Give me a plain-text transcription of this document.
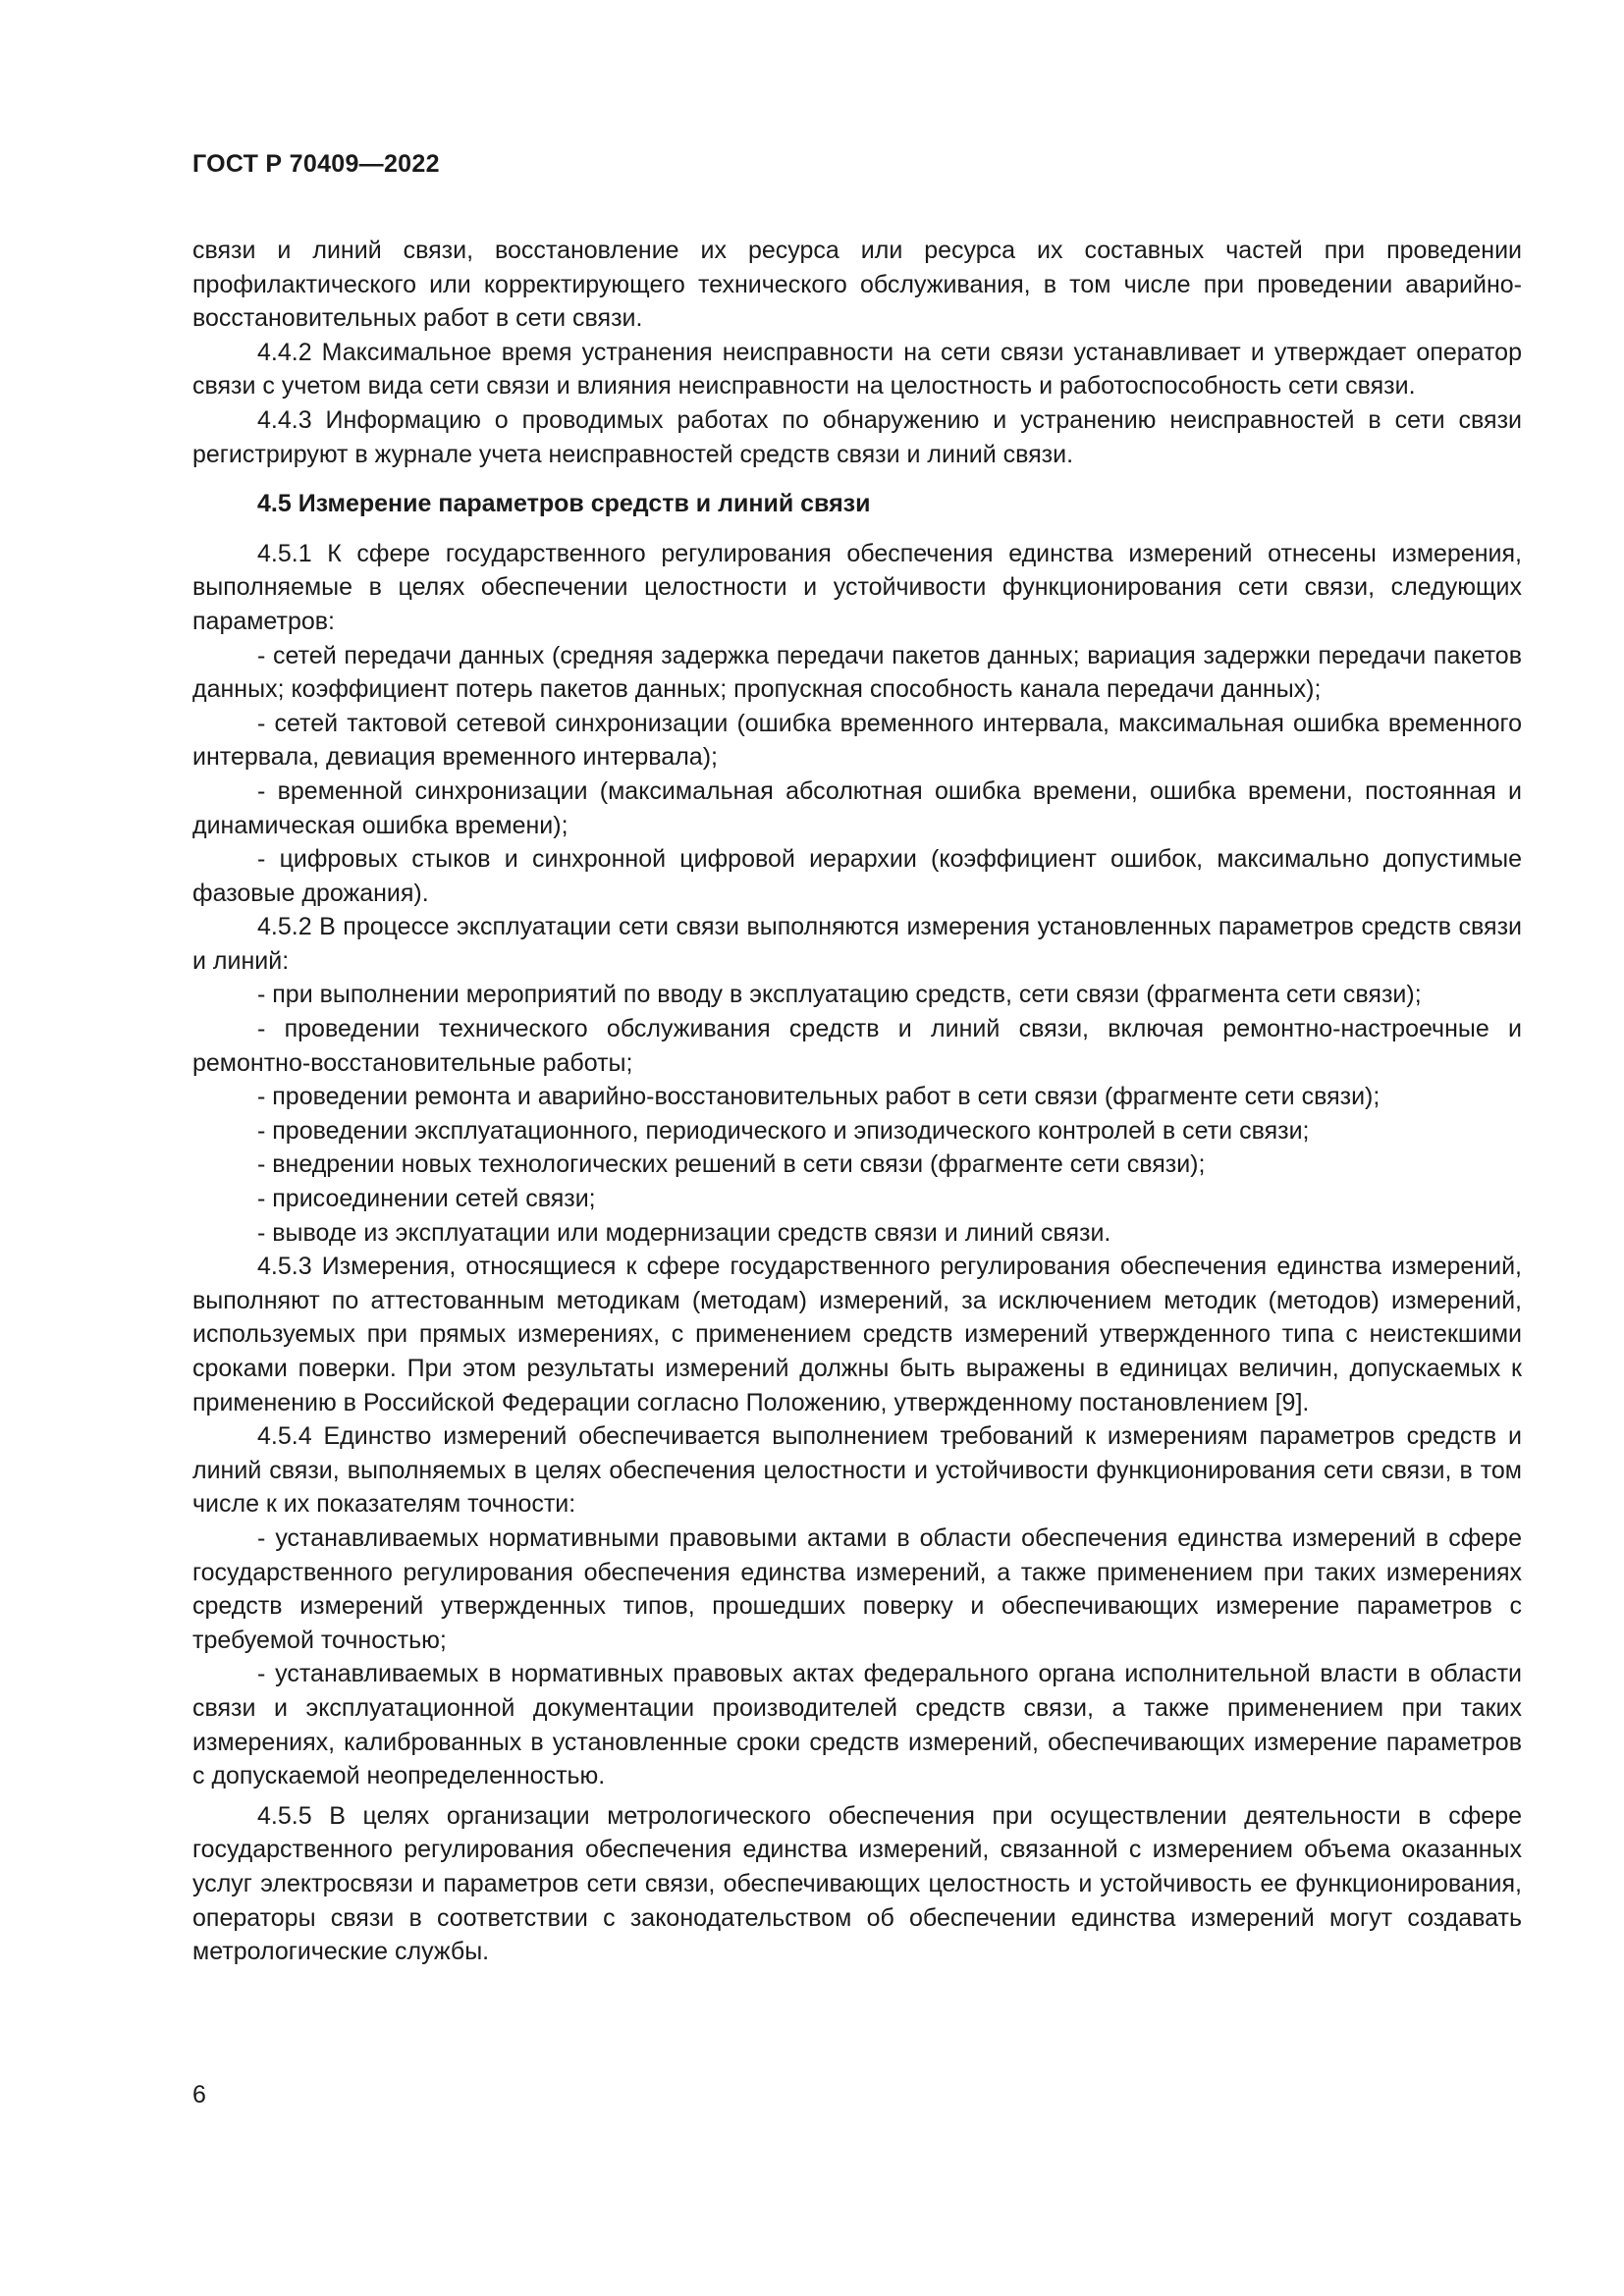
ГОСТ Р 70409—2022

связи и линий связи, восстановление их ресурса или ресурса их составных частей при проведении профилактического или корректирующего технического обслуживания, в том числе при проведении аварийно-восстановительных работ в сети связи.

4.4.2 Максимальное время устранения неисправности на сети связи устанавливает и утверждает оператор связи с учетом вида сети связи и влияния неисправности на целостность и работоспособность сети связи.

4.4.3 Информацию о проводимых работах по обнаружению и устранению неисправностей в сети связи регистрируют в журнале учета неисправностей средств связи и линий связи.

4.5 Измерение параметров средств и линий связи

4.5.1 К сфере государственного регулирования обеспечения единства измерений отнесены измерения, выполняемые в целях обеспечении целостности и устойчивости функционирования сети связи, следующих параметров:

- сетей передачи данных (средняя задержка передачи пакетов данных; вариация задержки передачи пакетов данных; коэффициент потерь пакетов данных; пропускная способность канала передачи данных);

- сетей тактовой сетевой синхронизации (ошибка временного интервала, максимальная ошибка временного интервала, девиация временного интервала);

- временной синхронизации (максимальная абсолютная ошибка времени, ошибка времени, постоянная и динамическая ошибка времени);

- цифровых стыков и синхронной цифровой иерархии (коэффициент ошибок, максимально допустимые фазовые дрожания).

4.5.2 В процессе эксплуатации сети связи выполняются измерения установленных параметров средств связи и линий:

- при выполнении мероприятий по вводу в эксплуатацию средств, сети связи (фрагмента сети связи);

- проведении технического обслуживания средств и линий связи, включая ремонтно-настроечные и ремонтно-восстановительные работы;

- проведении ремонта и аварийно-восстановительных работ в сети связи (фрагменте сети связи);

- проведении эксплуатационного, периодического и эпизодического контролей в сети связи;

- внедрении новых технологических решений в сети связи (фрагменте сети связи);

- присоединении сетей связи;

- выводе из эксплуатации или модернизации средств связи и линий связи.

4.5.3 Измерения, относящиеся к сфере государственного регулирования обеспечения единства измерений, выполняют по аттестованным методикам (методам) измерений, за исключением методик (методов) измерений, используемых при прямых измерениях, с применением средств измерений утвержденного типа с неистекшими сроками поверки. При этом результаты измерений должны быть выражены в единицах величин, допускаемых к применению в Российской Федерации согласно Положению, утвержденному постановлением [9].

4.5.4 Единство измерений обеспечивается выполнением требований к измерениям параметров средств и линий связи, выполняемых в целях обеспечения целостности и устойчивости функционирования сети связи, в том числе к их показателям точности:

- устанавливаемых нормативными правовыми актами в области обеспечения единства измерений в сфере государственного регулирования обеспечения единства измерений, а также применением при таких измерениях средств измерений утвержденных типов, прошедших поверку и обеспечивающих измерение параметров с требуемой точностью;

- устанавливаемых в нормативных правовых актах федерального органа исполнительной власти в области связи и эксплуатационной документации производителей средств связи, а также применением при таких измерениях, калиброванных в установленные сроки средств измерений, обеспечивающих измерение параметров с допускаемой неопределенностью.

4.5.5 В целях организации метрологического обеспечения при осуществлении деятельности в сфере государственного регулирования обеспечения единства измерений, связанной с измерением объема оказанных услуг электросвязи и параметров сети связи, обеспечивающих целостность и устойчивость ее функционирования, операторы связи в соответствии с законодательством об обеспечении единства измерений могут создавать метрологические службы.

6
